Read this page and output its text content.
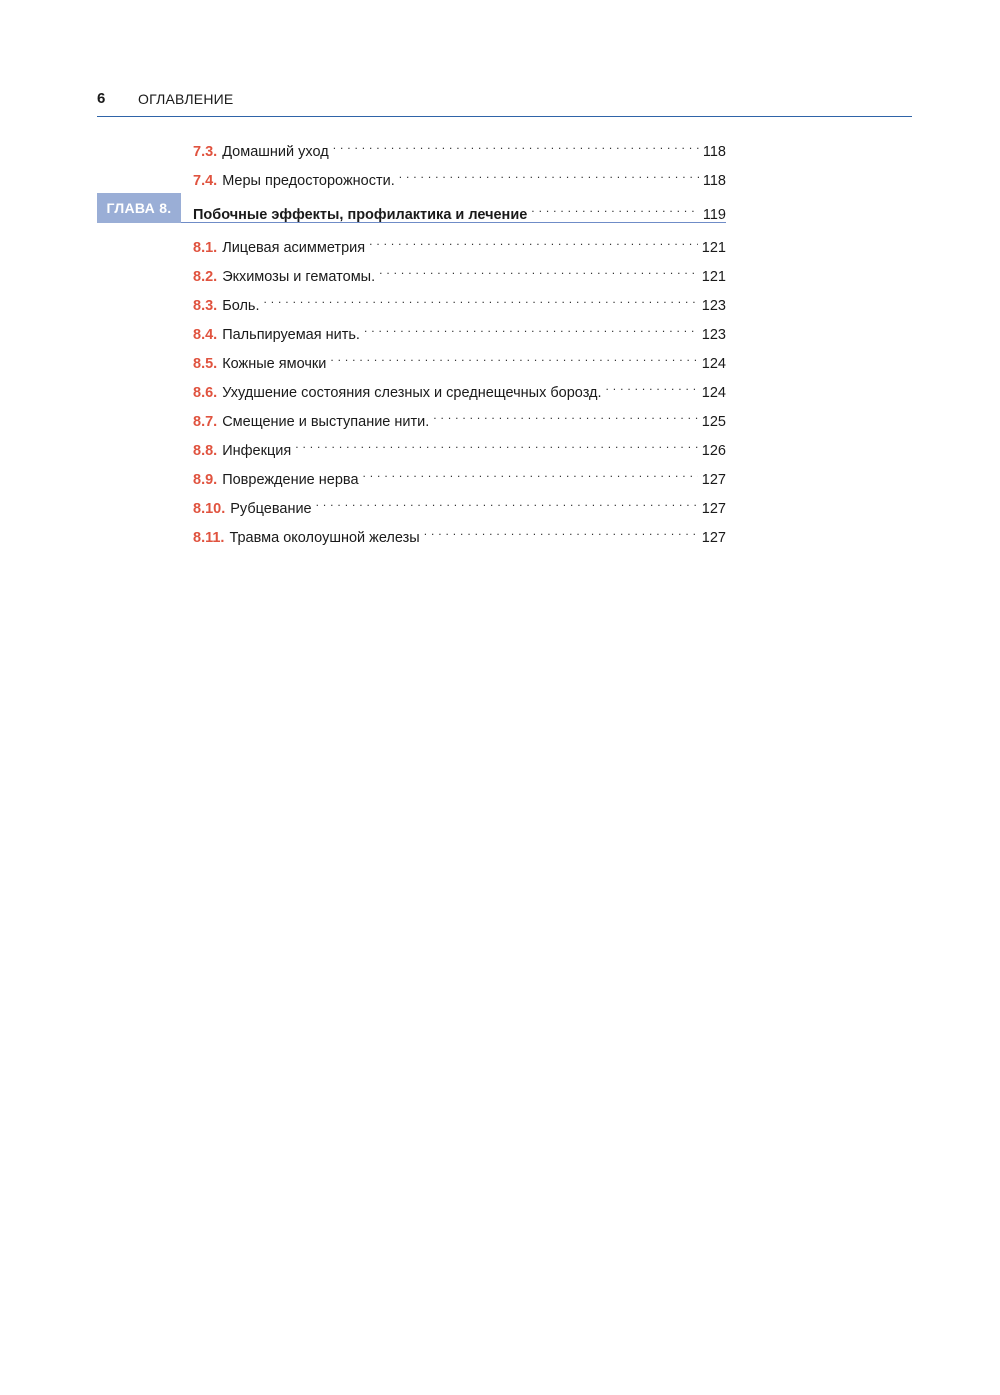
6 ОГЛАВЛЕНИЕ
7.3. Домашний уход . . .	118
7.4. Меры предосторожности. . . .	118
ГЛАВА 8.	Побочные эффекты, профилактика и лечение . . .	119
8.1. Лицевая асимметрия . . .	121
8.2. Экхимозы и гематомы. . . .	121
8.3. Боль. . . .	123
8.4. Пальпируемая нить. . . .	123
8.5. Кожные ямочки . . .	124
8.6. Ухудшение состояния слезных и среднещечных борозд. . . .	124
8.7. Смещение и выступание нити. . . .	125
8.8. Инфекция . . .	126
8.9. Повреждение нерва . . .	127
8.10. Рубцевание . . .	127
8.11. Травма околоушной железы . . .	127
